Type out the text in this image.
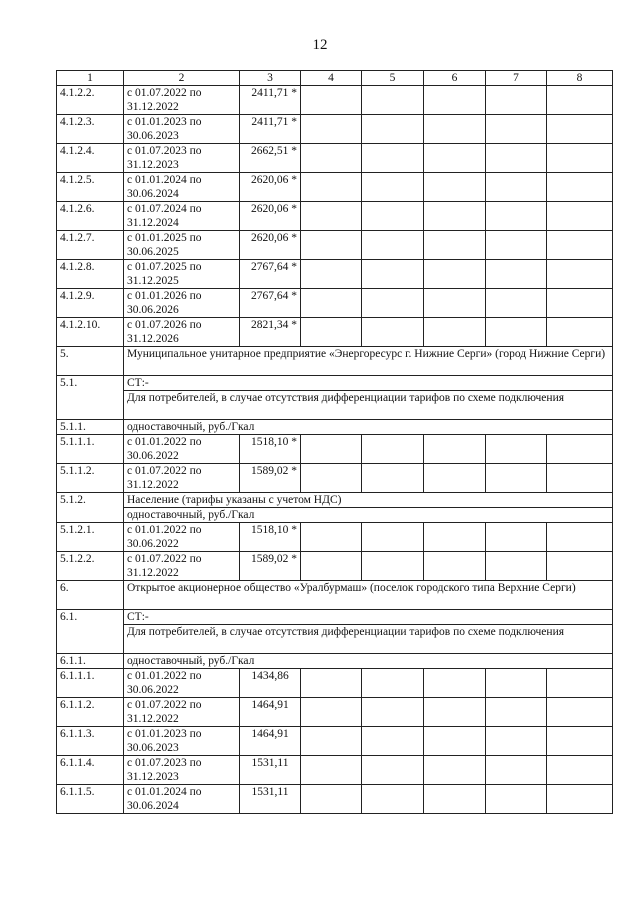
12
1	2	3	4	5	6	7	8
4.1.2.2.	с 01.07.2022 по 31.12.2022	2411,71 *					
4.1.2.3.	с 01.01.2023 по 30.06.2023	2411,71 *					
4.1.2.4.	с 01.07.2023 по 31.12.2023	2662,51 *					
4.1.2.5.	с 01.01.2024 по 30.06.2024	2620,06 *					
4.1.2.6.	с 01.07.2024 по 31.12.2024	2620,06 *					
4.1.2.7.	с 01.01.2025 по 30.06.2025	2620,06 *					
4.1.2.8.	с 01.07.2025 по 31.12.2025	2767,64 *					
4.1.2.9.	с 01.01.2026 по 30.06.2026	2767,64 *					
4.1.2.10.	с 01.07.2026 по 31.12.2026	2821,34 *					
5.	Муниципальное унитарное предприятие «Энергоресурс г. Нижние Серги» (город Нижние Серги)						
5.1.	СТ:-						
	Для потребителей, в случае отсутствия дифференциации тарифов по схеме подключения						
5.1.1.	одноставочный, руб./Гкал						
5.1.1.1.	с 01.01.2022 по 30.06.2022	1518,10 *					
5.1.1.2.	с 01.07.2022 по 31.12.2022	1589,02 *					
5.1.2.	Население (тарифы указаны с учетом НДС)						
	одноставочный, руб./Гкал						
5.1.2.1.	с 01.01.2022 по 30.06.2022	1518,10 *					
5.1.2.2.	с 01.07.2022 по 31.12.2022	1589,02 *					
6.	Открытое акционерное общество «Уралбурмаш» (поселок городского типа Верхние Серги)						
6.1.	СТ:-						
	Для потребителей, в случае отсутствия дифференциации тарифов по схеме подключения						
6.1.1.	одноставочный, руб./Гкал						
6.1.1.1.	с 01.01.2022 по 30.06.2022	1434,86					
6.1.1.2.	с 01.07.2022 по 31.12.2022	1464,91					
6.1.1.3.	с 01.01.2023 по 30.06.2023	1464,91					
6.1.1.4.	с 01.07.2023 по 31.12.2023	1531,11					
6.1.1.5.	с 01.01.2024 по 30.06.2024	1531,11					
